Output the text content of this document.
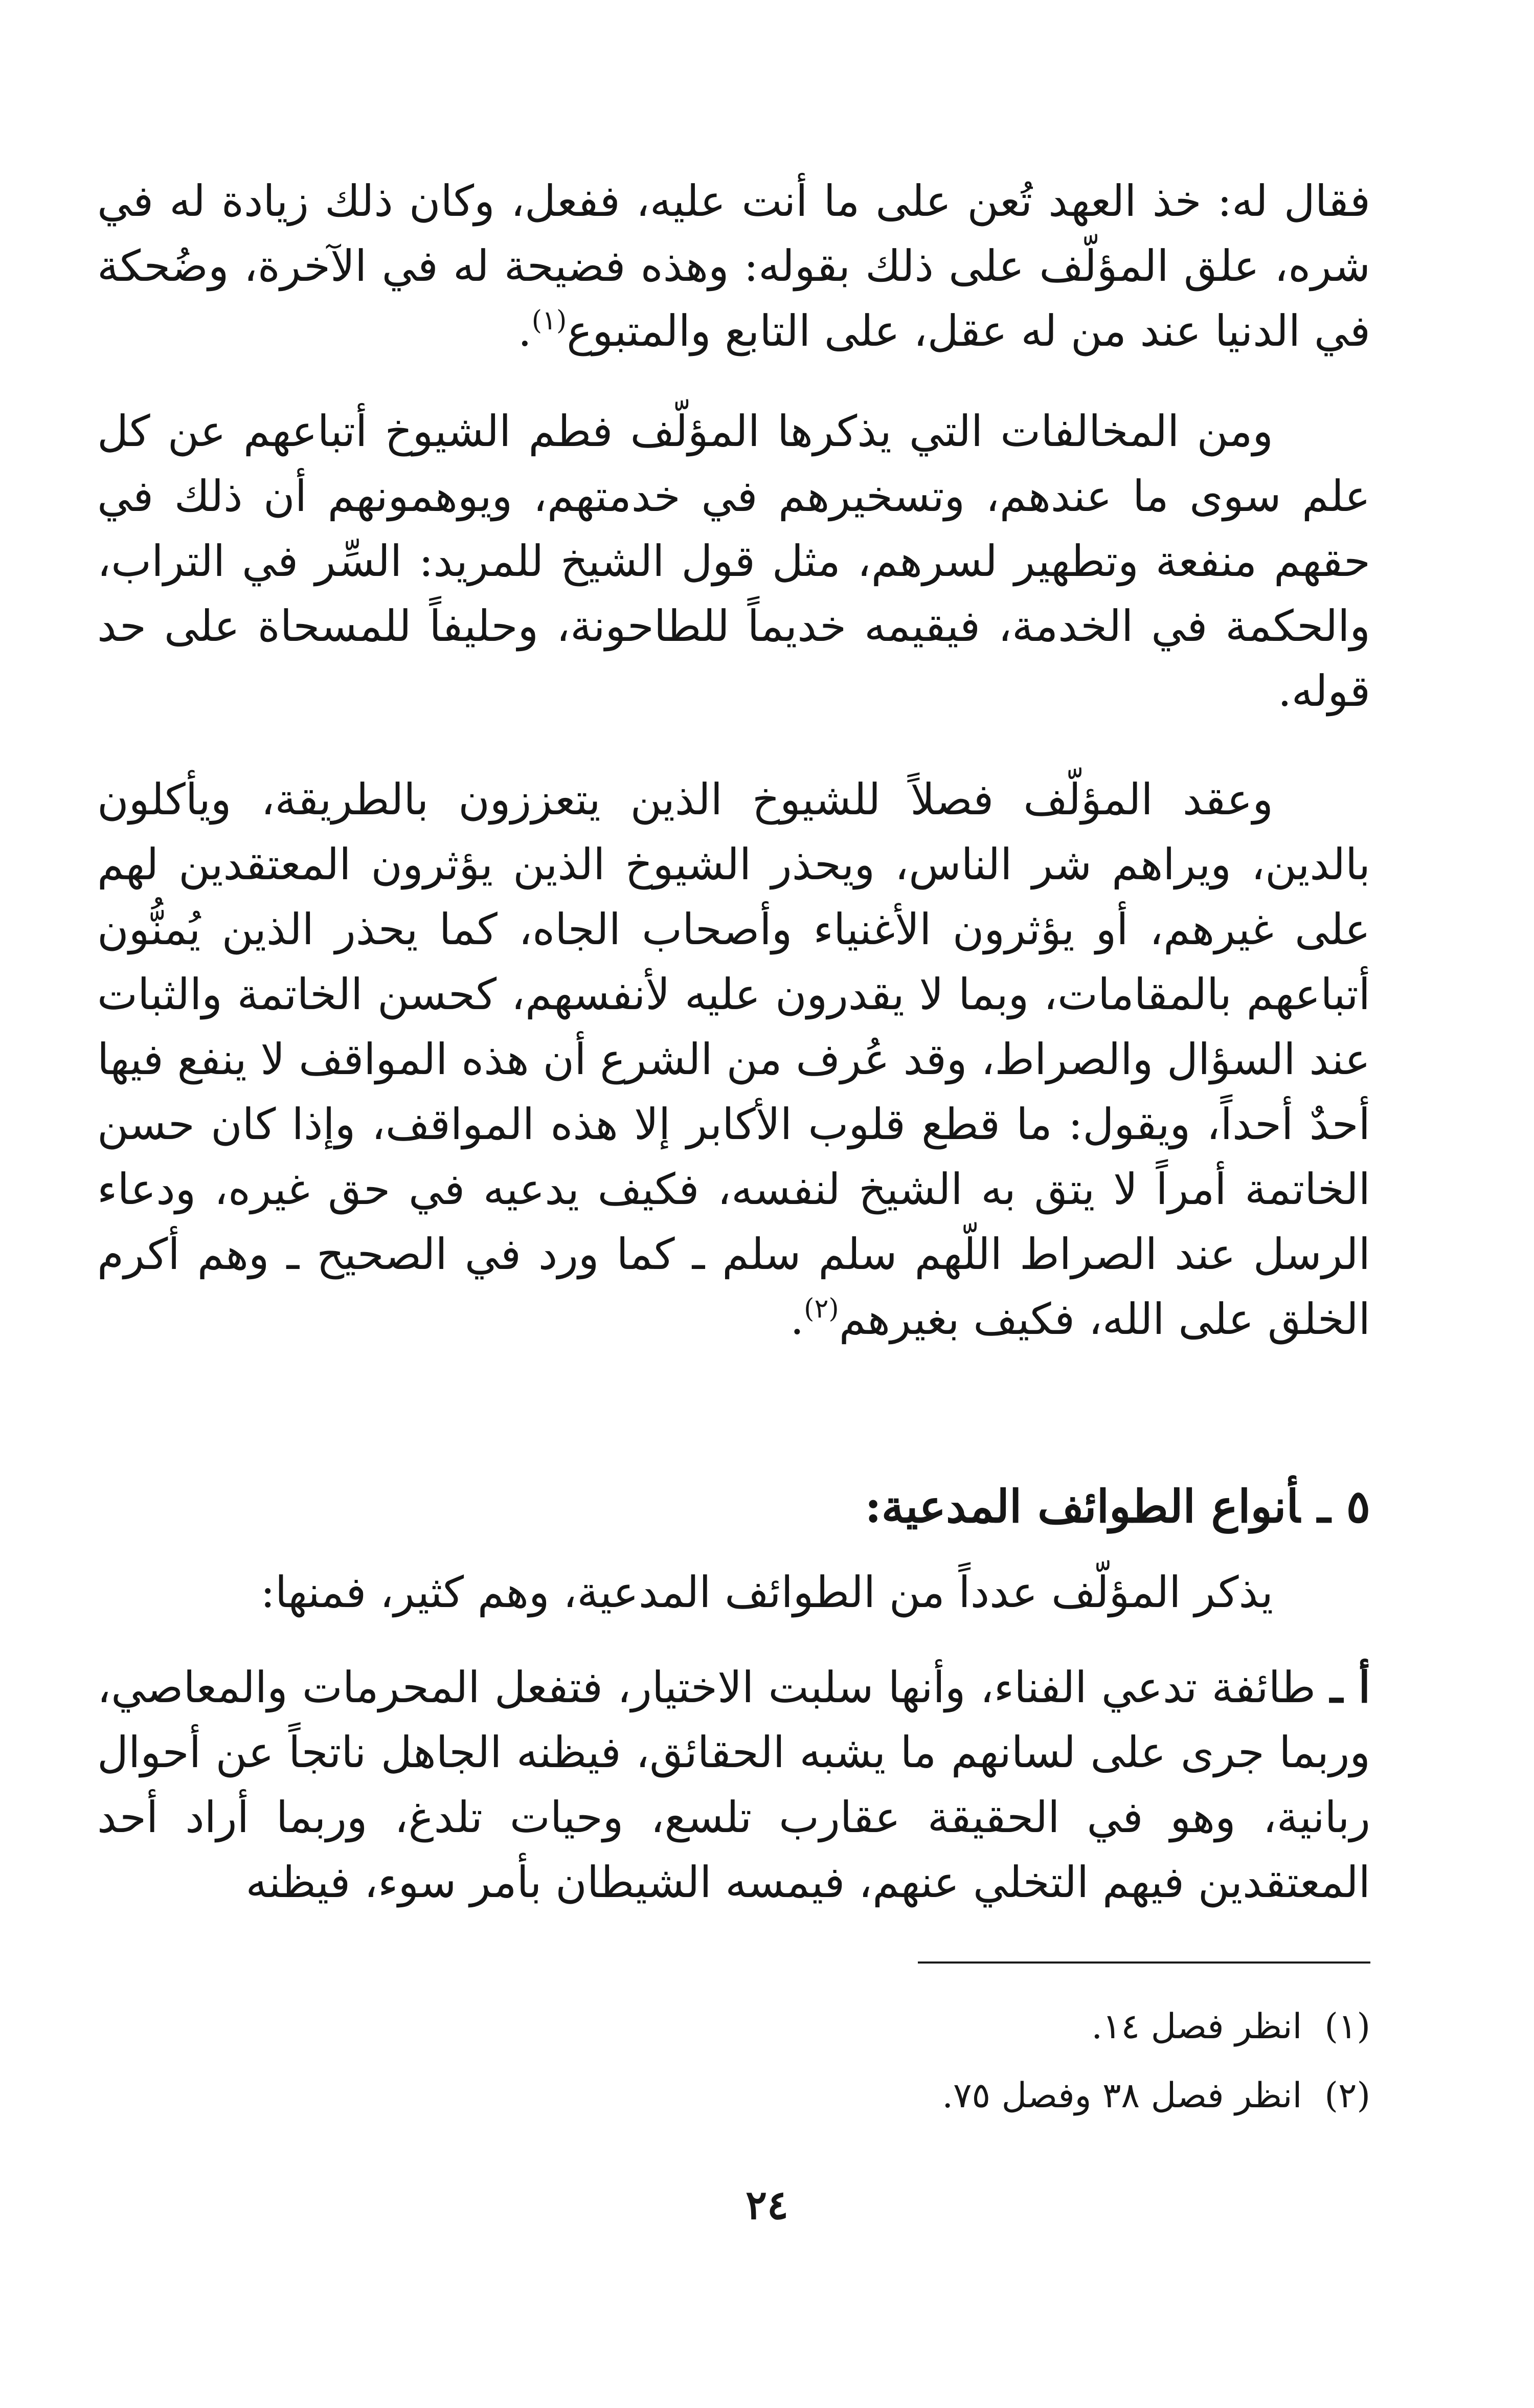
فقال له: خذ العهد تُعن على ما أنت عليه، ففعل، وكان ذلك زيادة له في شره، علق المؤلّف على ذلك بقوله: وهذه فضيحة له في الآخرة، وضُحكة في الدنيا عند من له عقل، على التابع والمتبوع$^{(١)}$.

ومن المخالفات التي يذكرها المؤلّف فطم الشيوخ أتباعهم عن كل علم سوى ما عندهم، وتسخيرهم في خدمتهم، ويوهمونهم أن ذلك في حقهم منفعة وتطهير لسرهم، مثل قول الشيخ للمريد: السِّر في التراب، والحكمة في الخدمة، فيقيمه خديماً للطاحونة، وحليفاً للمسحاة على حد قوله.

وعقد المؤلّف فصلاً للشيوخ الذين يتعززون بالطريقة، ويأكلون بالدين، ويراهم شر الناس، ويحذر الشيوخ الذين يؤثرون المعتقدين لهم على غيرهم، أو يؤثرون الأغنياء وأصحاب الجاه، كما يحذر الذين يُمنُّون أتباعهم بالمقامات، وبما لا يقدرون عليه لأنفسهم، كحسن الخاتمة والثبات عند السؤال والصراط، وقد عُرف من الشرع أن هذه المواقف لا ينفع فيها أحدٌ أحداً، ويقول: ما قطع قلوب الأكابر إلا هذه المواقف، وإذا كان حسن الخاتمة أمراً لا يتق به الشيخ لنفسه، فكيف يدعيه في حق غيره، ودعاء الرسل عند الصراط اللّهم سلم سلم ـ كما ورد في الصحيح ـ وهم أكرم الخلق على الله، فكيف بغيرهم$^{(٢)}$.

٥ ـأنواع الطوائف المدعية:

يذكر المؤلّف عدداً من الطوائف المدعية، وهم كثير، فمنها:

أ ـ طائفة تدعي الفناء، وأنها سلبت الاختيار، فتفعل المحرمات والمعاصي، وربما جرى على لسانهم ما يشبه الحقائق، فيظنه الجاهل ناتجاً عن أحوال ربانية، وهو في الحقيقة عقارب تلسع، وحيات تلدغ، وربما أراد أحد المعتقدين فيهم التخلي عنهم، فيمسه الشيطان بأمر سوء، فيظنه

(١)انظر فصل ١٤.

(٢)انظر فصل ٣٨ وفصل ٧٥.

٢٤
